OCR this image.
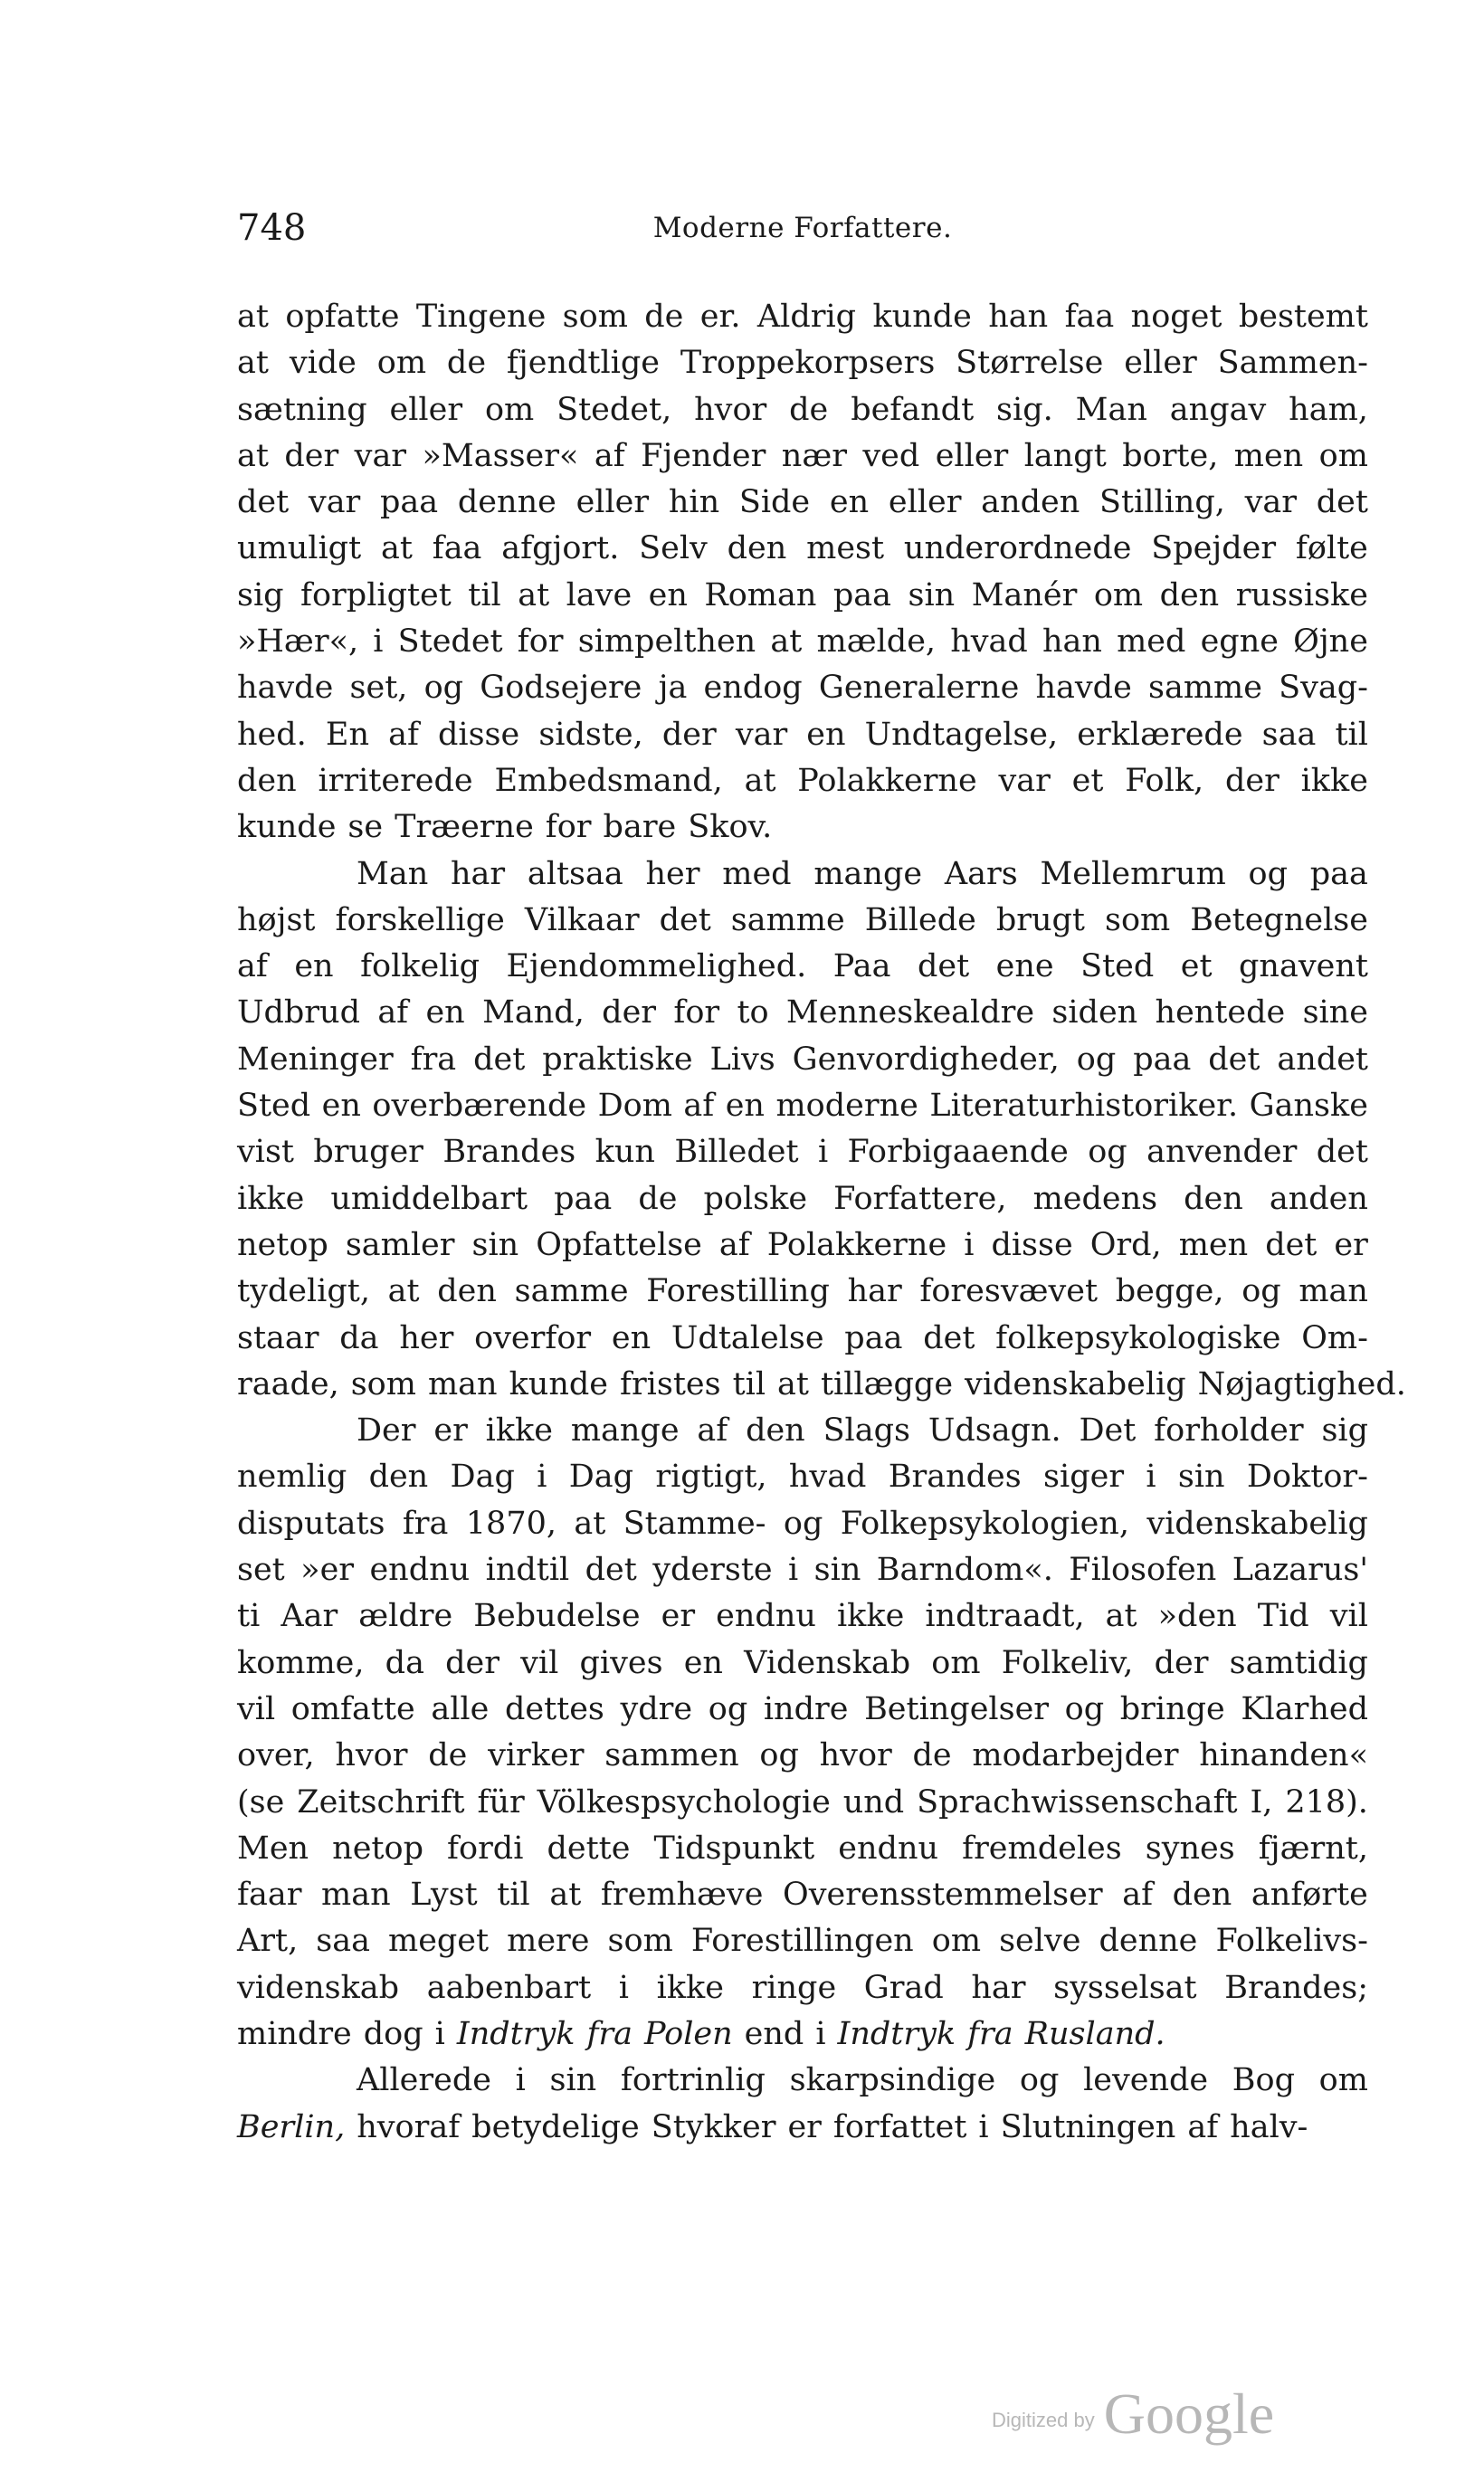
748	Moderne Forfattere.
at opfatte Tingene som de er. Aldrig kunde han faa noget bestemt
at vide om de fjendtlige Troppekorpsers Størrelse eller Sammen-
sætning eller om Stedet, hvor de befandt sig. Man angav ham,
at der var »Masser« af Fjender nær ved eller langt borte, men om
det var paa denne eller hin Side en eller anden Stilling, var det
umuligt at faa afgjort. Selv den mest underordnede Spejder følte
sig forpligtet til at lave en Roman paa sin Manér om den russiske
»Hær«, i Stedet for simpelthen at mælde, hvad han med egne Øjne
havde set, og Godsejere ja endog Generalerne havde samme Svag-
hed. En af disse sidste, der var en Undtagelse, erklærede saa til
den irriterede Embedsmand, at Polakkerne var et Folk, der ikke
kunde se Træerne for bare Skov.
Man har altsaa her med mange Aars Mellemrum og paa
højst forskellige Vilkaar det samme Billede brugt som Betegnelse
af en folkelig Ejendommelighed. Paa det ene Sted et gnavent
Udbrud af en Mand, der for to Menneskealdre siden hentede sine
Meninger fra det praktiske Livs Genvordigheder, og paa det andet
Sted en overbærende Dom af en moderne Literaturhistoriker. Ganske
vist bruger Brandes kun Billedet i Forbigaaende og anvender det
ikke umiddelbart paa de polske Forfattere, medens den anden
netop samler sin Opfattelse af Polakkerne i disse Ord, men det er
tydeligt, at den samme Forestilling har foresvævet begge, og man
staar da her overfor en Udtalelse paa det folkepsykologiske Om-
raade, som man kunde fristes til at tillægge videnskabelig Nøjagtighed.
Der er ikke mange af den Slags Udsagn. Det forholder sig
nemlig den Dag i Dag rigtigt, hvad Brandes siger i sin Doktor-
disputats fra 1870, at Stamme- og Folkepsykologien, videnskabelig
set »er endnu indtil det yderste i sin Barndom«. Filosofen Lazarus'
ti Aar ældre Bebudelse er endnu ikke indtraadt, at »den Tid vil
komme, da der vil gives en Videnskab om Folkeliv, der samtidig
vil omfatte alle dettes ydre og indre Betingelser og bringe Klarhed
over, hvor de virker sammen og hvor de modarbejder hinanden«
(se Zeitschrift für Völkespsychologie und Sprachwissenschaft I, 218).
Men netop fordi dette Tidspunkt endnu fremdeles synes fjærnt,
faar man Lyst til at fremhæve Overensstemmelser af den anførte
Art, saa meget mere som Forestillingen om selve denne Folkelivs-
videnskab aabenbart i ikke ringe Grad har sysselsat Brandes;
mindre dog i Indtryk fra Polen end i Indtryk fra Rusland.
Allerede i sin fortrinlig skarpsindige og levende Bog om
Berlin, hvoraf betydelige Stykker er forfattet i Slutningen af halv-
Digitized by Google
